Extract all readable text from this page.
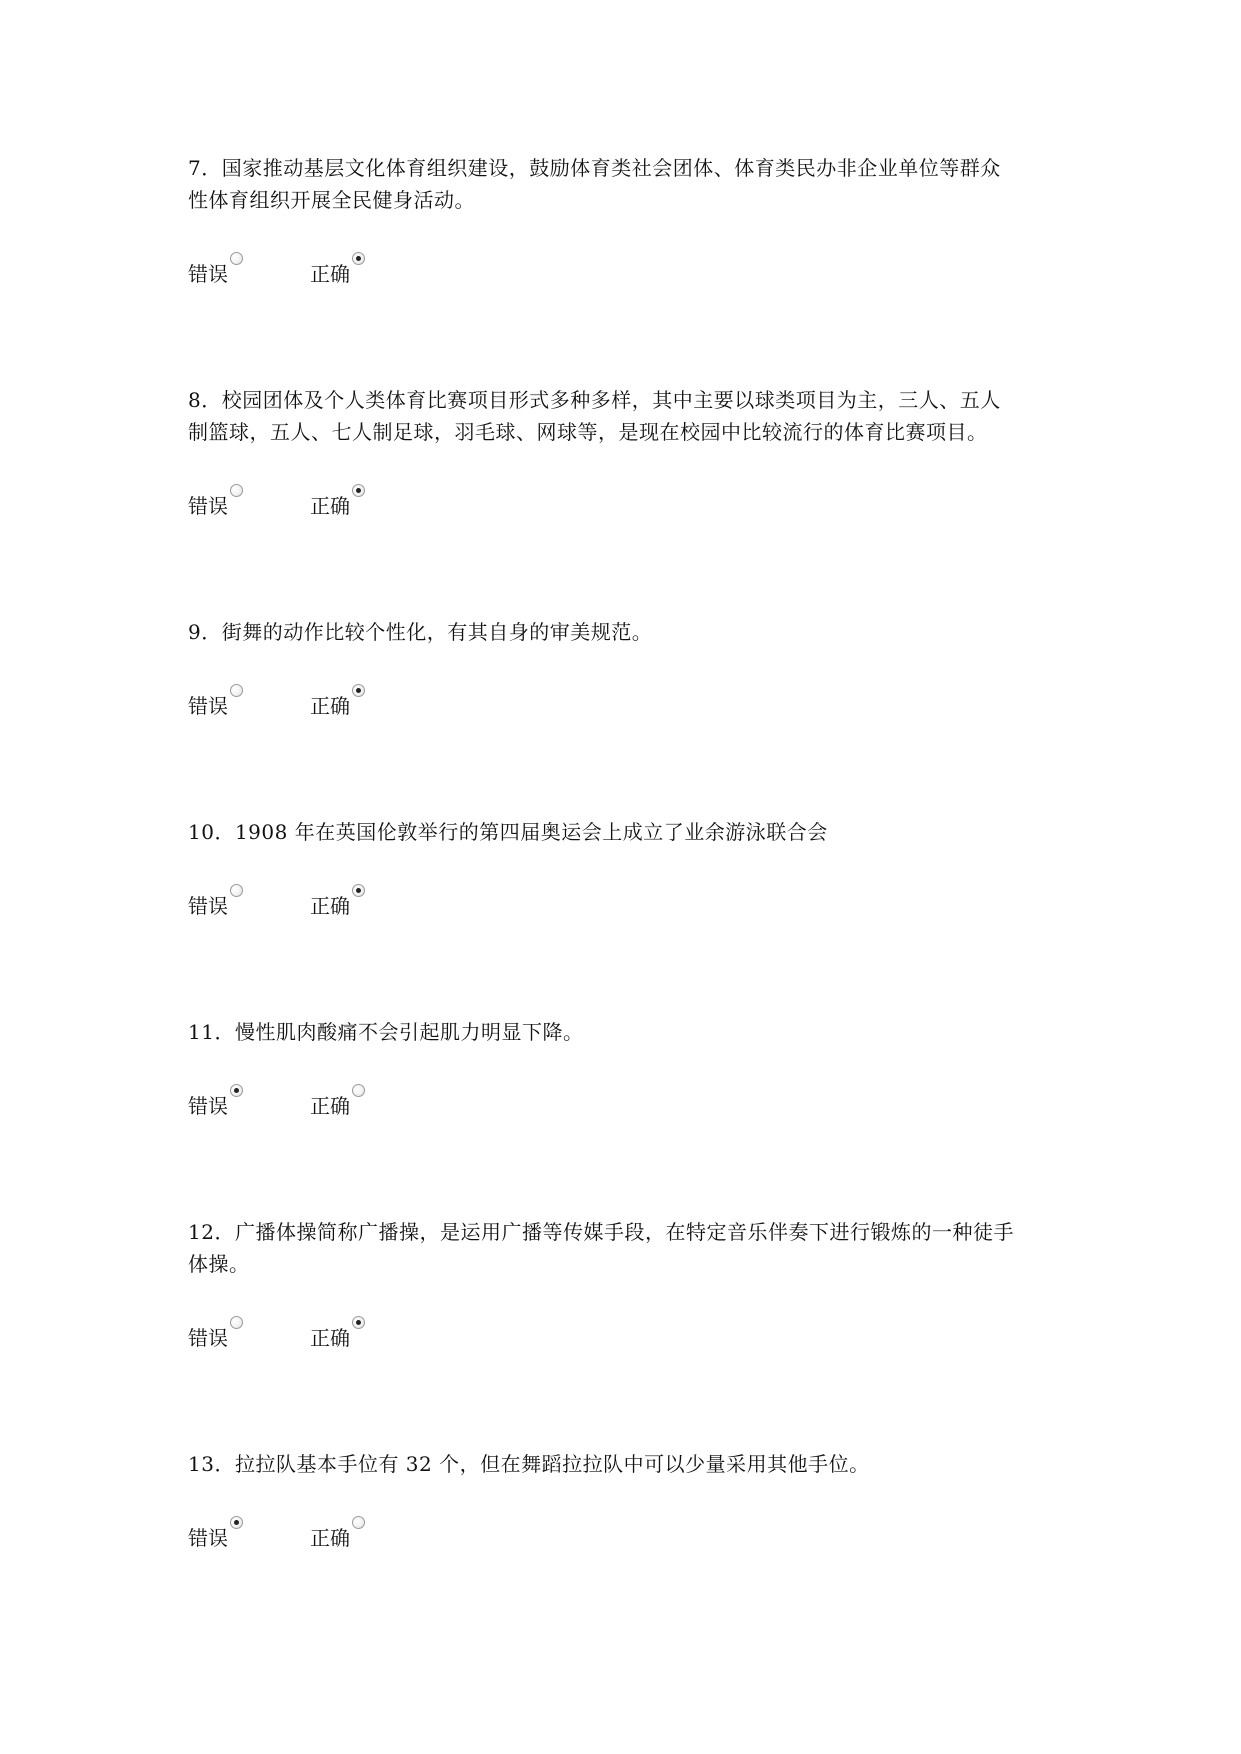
7．国家推动基层文化体育组织建设，鼓励体育类社会团体、体育类民办非企业单位等群众
性体育组织开展全民健身活动。

错误	正确

8．校园团体及个人类体育比赛项目形式多种多样，其中主要以球类项目为主，三人、五人
制篮球，五人、七人制足球，羽毛球、网球等，是现在校园中比较流行的体育比赛项目。

错误	正确

9．街舞的动作比较个性化，有其自身的审美规范。

错误	正确

10．1908 年在英国伦敦举行的第四届奥运会上成立了业余游泳联合会

错误	正确

11．慢性肌肉酸痛不会引起肌力明显下降。

错误	正确

12．广播体操简称广播操，是运用广播等传媒手段，在特定音乐伴奏下进行锻炼的一种徒手
体操。

错误	正确

13．拉拉队基本手位有 32 个，但在舞蹈拉拉队中可以少量采用其他手位。

错误	正确
